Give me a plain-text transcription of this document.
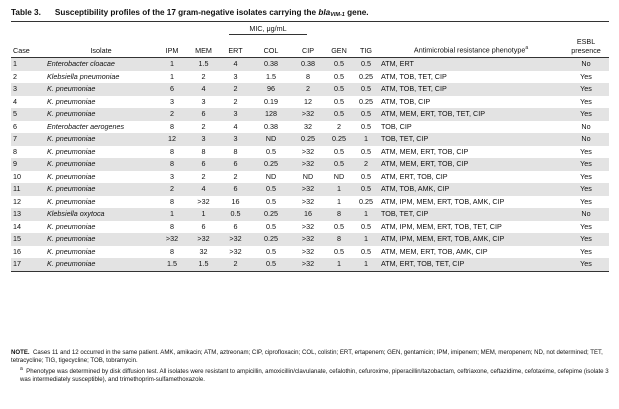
Table 3. Susceptibility profiles of the 17 gram-negative isolates carrying the blaVIM-1 gene.
		MIC, μg/mL								
Case	Isolate	IPM	MEM	ERT	COL	CIP	GEN	TIG	Antimicrobial resistance phenotype$^a$	ESBL presence
1	Enterobacter cloacae	1	1.5	4	0.38	0.38	0.5	0.5	ATM, ERT	No
2	Klebsiella pneumoniae	1	2	3	1.5	8	0.5	0.25	ATM, TOB, TET, CIP	Yes
3	K. pneumoniae	6	4	2	96	2	0.5	0.5	ATM, TOB, TET, CIP	Yes
4	K. pneumoniae	3	3	2	0.19	12	0.5	0.25	ATM, TOB, CIP	Yes
5	K. pneumoniae	2	6	3	128	>32	0.5	0.5	ATM, MEM, ERT, TOB, TET, CIP	Yes
6	Enterobacter aerogenes	8	2	4	0.38	32	2	0.5	TOB, CIP	No
7	K. pneumoniae	12	3	3	ND	0.25	0.25	1	TOB, TET, CIP	No
8	K. pneumoniae	8	8	8	0.5	>32	0.5	0.5	ATM, MEM, ERT, TOB, CIP	Yes
9	K. pneumoniae	8	6	6	0.25	>32	0.5	2	ATM, MEM, ERT, TOB, CIP	Yes
10	K. pneumoniae	3	2	2	ND	ND	ND	0.5	ATM, ERT, TOB, CIP	Yes
11	K. pneumoniae	2	4	6	0.5	>32	1	0.5	ATM, TOB, AMK, CIP	Yes
12	K. pneumoniae	8	>32	16	0.5	>32	1	0.25	ATM, IPM, MEM, ERT, TOB, AMK, CIP	Yes
13	Klebsiella oxytoca	1	1	0.5	0.25	16	8	1	TOB, TET, CIP	No
14	K. pneumoniae	8	6	6	0.5	>32	0.5	0.5	ATM, IPM, MEM, ERT, TOB, TET, CIP	Yes
15	K. pneumoniae	>32	>32	>32	0.25	>32	8	1	ATM, IPM, MEM, ERT, TOB, AMK, CIP	Yes
16	K. pneumoniae	8	32	>32	0.5	>32	0.5	0.5	ATM, MEM, ERT, TOB, AMK, CIP	Yes
17	K. pneumoniae	1.5	1.5	2	0.5	>32	1	1	ATM, ERT, TOB, TET, CIP	Yes

NOTE. Cases 11 and 12 occurred in the same patient. AMK, amikacin; ATM, aztreonam; CIP, ciprofloxacin; COL, colistin; ERT, ertapenem; GEN, gentamicin; IPM, imipenem; MEM, meropenem; ND, not determined; TET, tetracycline; TIG, tigecycline; TOB, tobramycin.

$^a$ Phenotype was determined by disk diffusion test. All isolates were resistant to ampicillin, amoxicillin/clavulanate, cefalothin, cefuroxime, piperacillin/tazobactam, ceftriaxone, ceftazidime, cefotaxime, cefepime (isolate 3 was intermediately susceptible), and trimethoprim-sulfamethoxazole.
